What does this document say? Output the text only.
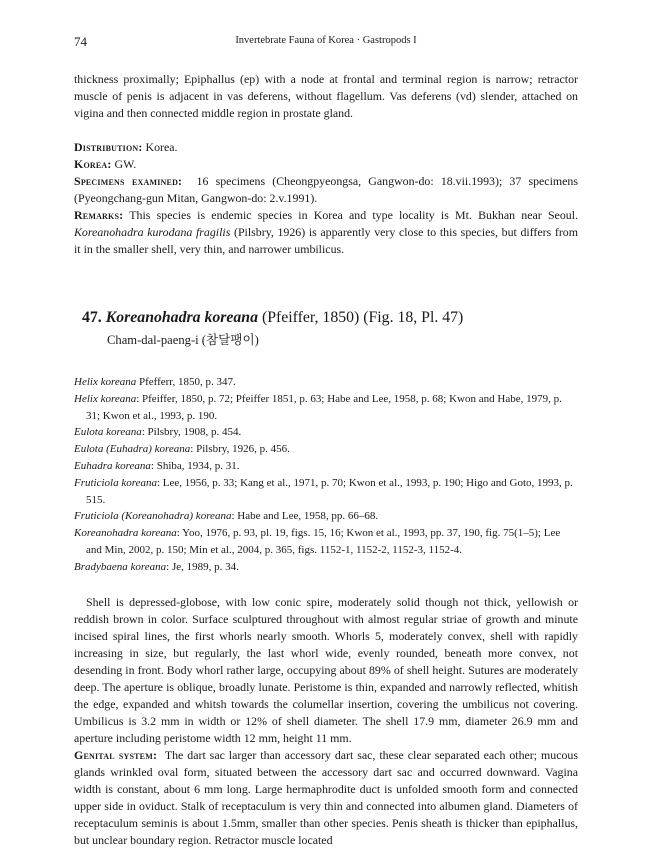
74	Invertebrate Fauna of Korea · Gastropods I

thickness proximally; Epiphallus (ep) with a node at frontal and terminal region is narrow; retractor muscle of penis is adjacent in vas deferens, without flagellum. Vas deferens (vd) slender, attached on vigina and then connected middle region in prostate gland.

Distribution: Korea.

Korea: GW.

Specimens examined: 16 specimens (Cheongpyeongsa, Gangwon-do: 18.vii.1993); 37 specimens (Pyeongchang-gun Mitan, Gangwon-do: 2.v.1991).

Remarks: This species is endemic species in Korea and type locality is Mt. Bukhan near Seoul. Koreanohadra kurodana fragilis (Pilsbry, 1926) is apparently very close to this species, but differs from it in the smaller shell, very thin, and narrower umbilicus.

47. Koreanohadra koreana (Pfeiffer, 1850) (Fig. 18, Pl. 47)
Cham-dal-paeng-i (참달팽이)

Helix koreana Pfefferr, 1850, p. 347.

Helix koreana: Pfeiffer, 1850, p. 72; Pfeiffer 1851, p. 63; Habe and Lee, 1958, p. 68; Kwon and Habe, 1979, p. 31; Kwon et al., 1993, p. 190.

Eulota koreana: Pilsbry, 1908, p. 454.

Eulota (Euhadra) koreana: Pilsbry, 1926, p. 456.

Euhadra koreana: Shiba, 1934, p. 31.

Fruticiola koreana: Lee, 1956, p. 33; Kang et al., 1971, p. 70; Kwon et al., 1993, p. 190; Higo and Goto, 1993, p. 515.

Fruticiola (Koreanohadra) koreana: Habe and Lee, 1958, pp. 66–68.

Koreanohadra koreana: Yoo, 1976, p. 93, pl. 19, figs. 15, 16; Kwon et al., 1993, pp. 37, 190, fig. 75(1–5); Lee and Min, 2002, p. 150; Min et al., 2004, p. 365, figs. 1152-1, 1152-2, 1152-3, 1152-4.

Bradybaena koreana: Je, 1989, p. 34.

Shell is depressed-globose, with low conic spire, moderately solid though not thick, yellowish or reddish brown in color. Surface sculptured throughout with almost regular striae of growth and minute incised spiral lines, the first whorls nearly smooth. Whorls 5, moderately convex, shell with rapidly increasing in size, but regularly, the last whorl wide, evenly rounded, beneath more convex, not desending in front. Body whorl rather large, occupying about 89% of shell height. Sutures are moderately deep. The aperture is oblique, broadly lunate. Peristome is thin, expanded and narrowly reflected, whitish the edge, expanded and whitsh towards the columellar insertion, covering the umbilicus not covering. Umbilicus is 3.2 mm in width or 12% of shell diameter. The shell 17.9 mm, diameter 26.9 mm and aperture including peristome width 12 mm, height 11 mm.

Genital system: The dart sac larger than accessory dart sac, these clear separated each other; mucous glands wrinkled oval form, situated between the accessory dart sac and occurred downward. Vagina width is constant, about 6 mm long. Large hermaphrodite duct is unfolded smooth form and connected upper side in oviduct. Stalk of receptaculum is very thin and connected into albumen gland. Diameters of receptaculum seminis is about 1.5mm, smaller than other species. Penis sheath is thicker than epiphallus, but unclear boundary region. Retractor muscle located
